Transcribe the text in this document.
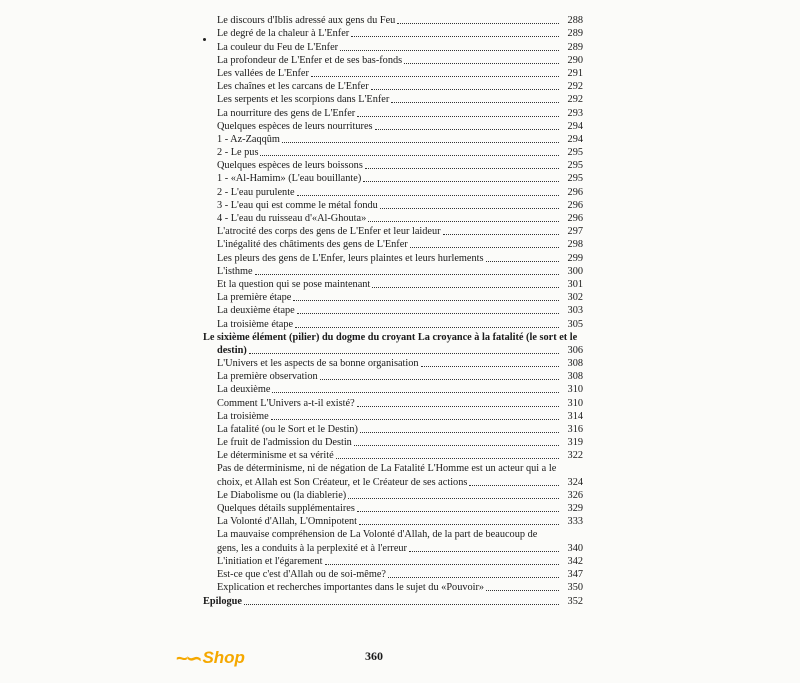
Le discours d'Iblis adressé aux gens du Feu	288
Le degré de la chaleur à L'Enfer	289
La couleur du Feu de L'Enfer	289
La profondeur de L'Enfer et de ses bas-fonds	290
Les vallées de L'Enfer	291
Les chaînes et les carcans de L'Enfer	292
Les serpents et les scorpions dans L'Enfer	292
La nourriture des gens de L'Enfer	293
Quelques espèces de leurs nourritures	294
1 - Az-Zaqqûm	294
2 - Le pus	295
Quelques espèces de leurs boissons	295
1 - «Al-Hamim» (L'eau bouillante)	295
2 - L'eau purulente	296
3 - L'eau qui est comme le métal fondu	296
4 - L'eau du ruisseau d'«Al-Ghouta»	296
L'atrocité des corps des gens de L'Enfer et leur laideur	297
L'inégalité des châtiments des gens de L'Enfer	298
Les pleurs des gens de L'Enfer, leurs plaintes et leurs hurlements	299
L'isthme	300
Et la question qui se pose maintenant	301
La première étape	302
La deuxième étape	303
La troisième étape	305
Le sixième élément (pilier) du dogme du croyant La croyance à la fatalité (le sort et le
destin)	306
L'Univers et les aspects de sa bonne organisation	308
La première observation	308
La deuxième	310
Comment L'Univers a-t-il existé?	310
La troisième	314
La fatalité (ou le Sort et le Destin)	316
Le fruit de l'admission du Destin	319
Le déterminisme et sa vérité	322
Pas de déterminisme, ni de négation de La Fatalité L'Homme est un acteur qui a le
choix, et Allah est Son Créateur, et le Créateur de ses actions	324
Le Diabolisme ou (la diablerie)	326
Quelques détails supplémentaires	329
La Volonté d'Allah, L'Omnipotent	333
La mauvaise compréhension de La Volonté d'Allah, de la part de beaucoup de
gens, les a conduits à la perplexité et à l'erreur	340
L'initiation et l'égarement	342
Est-ce que c'est d'Allah ou de soi-même?	347
Explication et recherches importantes dans le sujet du «Pouvoir»	350
Epilogue	352
~∽ Shop	360
